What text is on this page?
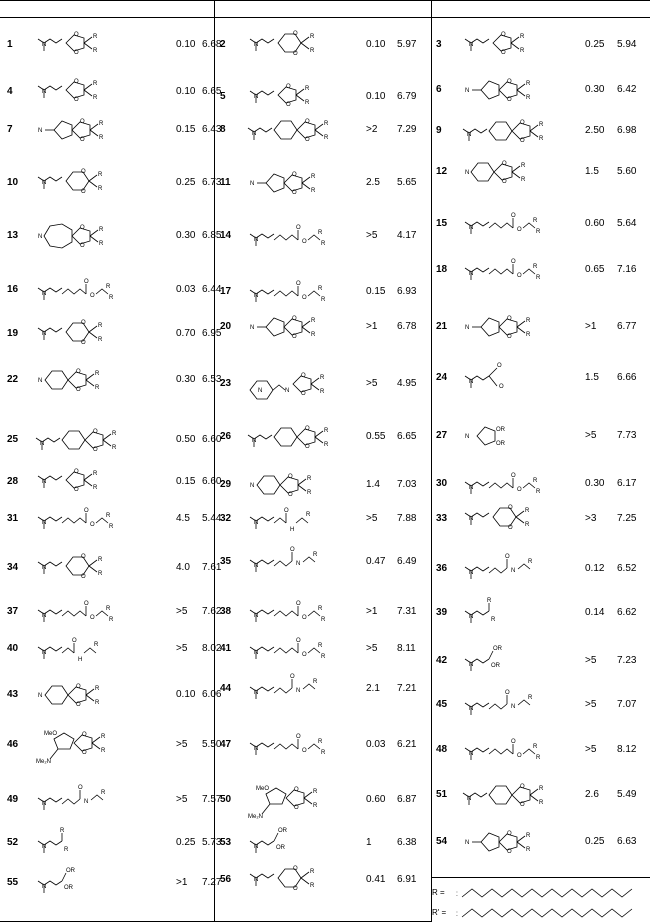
1	0.10 6.68
N
O
O
R
R
4	0.10 6.65
N
O
O
R
R
7	0.15 6.43
N
O
O
R
R
10	0.25 6.73
N
O
O
R
R
13	0.30 6.85
N
O
O
R
R
16	0.03 6.44
N
O
O
R
R
19	0.70 6.95
N
O
O
R
R
22	0.30 6.53
N
O
O
R
R
25	0.50 6.60
N
O
O
R
R
28	0.15 6.60
N
O
O
R
R
31	4.5 5.44
N
O
O
R
R
34	4.0 7.61
N
O
O
R
R
37	>5 7.62
N
O
O
R
R
40	>5 8.02
N
O
H
R
43	0.10 6.06
N
O
O
R
R
46	>5 5.50
MeO	O
O
R
R
Me₂N
49	>5 7.57
N
O
N
R
52	0.25 5.73
N
R
R
55	>1 7.27
N
OR
OR
2	0.10 5.97
N
O
O
R
R
5	0.10 6.79
N
O
O
R
R
8	>2 7.29
N
O
O
R
R
11	2.5 5.65
N
O
O
R
R
14	>5 4.17
N
O
O
R
R
17	0.15 6.93
N
O
O
R
R
20	>1 6.78
N
O
O
R
R
23	>5 4.95
N	N
O
O
R
R
26	0.55 6.65
N
O
O
R
R
29	1.4 7.03
N
O
O
R
R
32	>5 7.88
N
O
H
R
35	0.47 6.49
N
O
N
R
38	>1 7.31
N
O
O
R
R
41	>5 8.11
N
O
O
R
R
44	2.1 7.21
N
O
N
R
47	0.03 6.21
N
O
O
R
R
50	0.60 6.87
MeO	O
O
R
R
Me₂N
53	1	6.38
N
OR
OR
56	0.41 6.91
N
O
O
R
R
3	0.25 5.94
N
O
O
R
R
6	0.30 6.42
N
O
O
R
R
9	2.50 6.98
N
O
O
R
R
12	1.5 5.60
N
O
O
R
R
15	0.60 5.64
N
O
O
R
R
18	0.65 7.16
N
O
O
R
R
21	>1 6.77
N
O
O
R
R
24	1.5 6.66
N
O
O
27	>5 7.73
N
OR
OR
30	0.30 6.17
N
O
O
R
R
33	>3 7.25
N
O
O
R
R
36	0.12 6.52
N
O
N
R
39	0.14 6.62
N
R
R
42	>5 7.23
N
OR
OR
45	>5 7.07
N
O
N
R
48	>5 8.12
N
O
O
R
R
51	2.6 5.49
N
O
O
R
R
54	0.25 6.63
N
O
O
R
R
R =
R' =
⁚
⁚
